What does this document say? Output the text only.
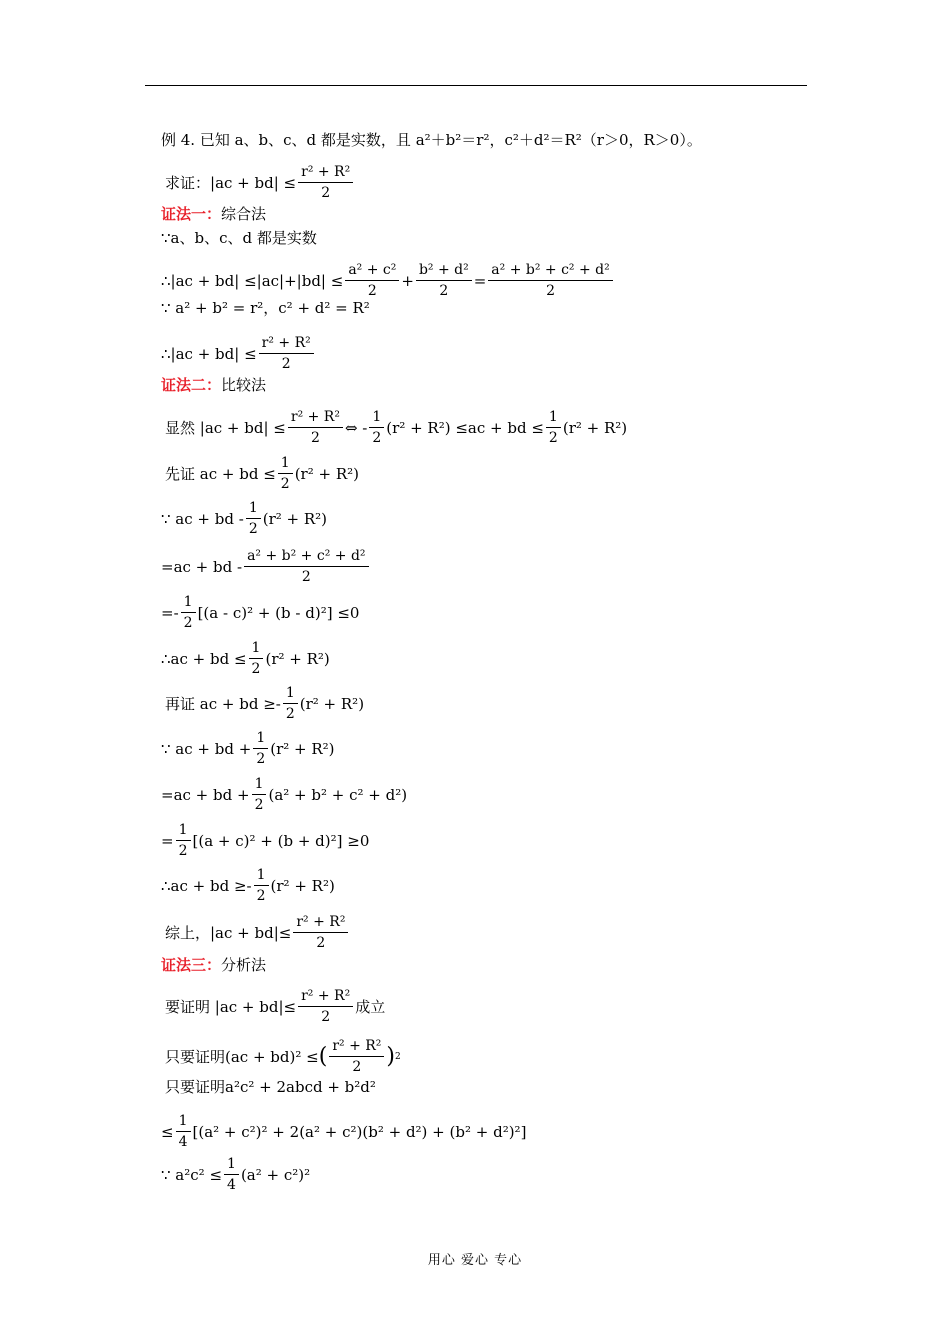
例 4. 已知 a、b、c、d 都是实数，且 a²＋b²＝r²，c²＋d²＝R²（r＞0，R＞0）。
求证： $|ac + bd| \le \frac{\text{r² + R²}}{2}$
证法一： 综合法
∵a、b、c、d 都是实数
∴|ac + $bd| \le|ac|+|bd| \le \frac{\text{a² + c²}}{2} + \frac{\text{b² + d²}}{2} = \frac{\text{a² + b² + c² + d²}}{2}$
∵ a² + b² = r²，c² + d² = R²
∴|ac + $bd| \le \frac{\text{r² + R²}}{2}$
证法二： 比较法
显然 $|ac + bd| \le \frac{\text{r² + R²}}{2}$ ⇔ - $\frac{1}{2} (r^2 + R^2) \le ac$ + bd ≤ $\frac{1}{2} (r^2 + R^2)$
先证 ac + bd ≤ $\frac{1}{2} (r^2 + R^2)$
∵ ac + bd - $\frac{1}{2} (r^2 + R^2)$
=ac + bd - $\frac{\text{a² + b² + c² + d²}}{2}$
=- $\frac{1}{2} [(a - c)^2 + (b - d)^2] \le 0$
∴ac + bd ≤ $\frac{1}{2} (r^2 + R^2)$
再证 ac + bd ≥- $\frac{1}{2} (r^2 + R^2)$
∵ ac + bd + $\frac{1}{2} (r^2 + R^2)$
=ac + bd + $\frac{1}{2} (a^2 + b^2 + c^2 + d^2)$
= $\frac{1}{2} [(a + c)^2 + (b + d)^2] \ge 0$
∴ac + bd ≥- $\frac{1}{2} (r^2 + R^2)$
综上，$|ac + bd|\le \frac{\text{r² + R²}}{2}$
证法三： 分析法
要证明 $|ac + bd|\le \frac{\text{r² + R²}}{2}$ 成立
只要证明(ac + bd)² ≤ ( $\frac{\text{r² + R²}}{2}$ ) 2
只要证明a²c² + 2abcd + b²d²
≤ $\frac{1}{4} [(a^2 + c^2)^2 + 2(a^2 + c^2)(b^2 + d^2) + (b^2 + d^2)^2]$
∵ $a^2c^2 \le \frac{1}{4} (a^2 + c^2)^2$
用心 爱心 专心
